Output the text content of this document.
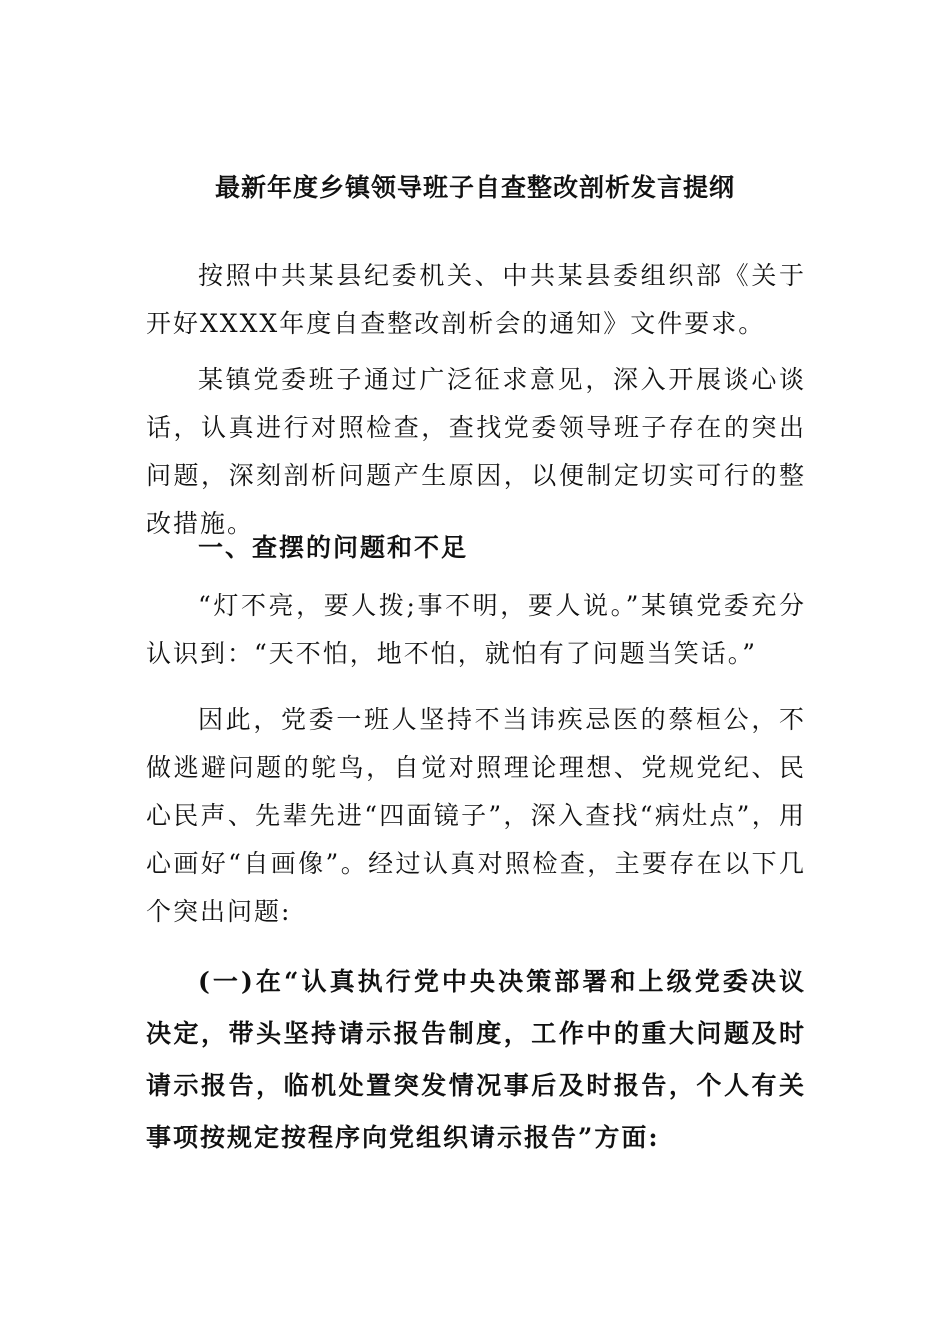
最新年度乡镇领导班子自查整改剖析发言提纲

按照中共某县纪委机关、中共某县委组织部《关于开好XXXX年度自查整改剖析会的通知》文件要求。

某镇党委班子通过广泛征求意见，深入开展谈心谈话，认真进行对照检查，查找党委领导班子存在的突出问题，深刻剖析问题产生原因，以便制定切实可行的整改措施。

一、查摆的问题和不足

“灯不亮，要人拨;事不明，要人说。”某镇党委充分认识到：“天不怕，地不怕，就怕有了问题当笑话。”

因此，党委一班人坚持不当讳疾忌医的蔡桓公，不做逃避问题的鸵鸟，自觉对照理论理想、党规党纪、民心民声、先辈先进“四面镜子”，深入查找“病灶点”，用心画好“自画像”。经过认真对照检查，主要存在以下几个突出问题:

(一)在“认真执行党中央决策部署和上级党委决议决定，带头坚持请示报告制度，工作中的重大问题及时请示报告，临机处置突发情况事后及时报告，个人有关事项按规定按程序向党组织请示报告”方面:
